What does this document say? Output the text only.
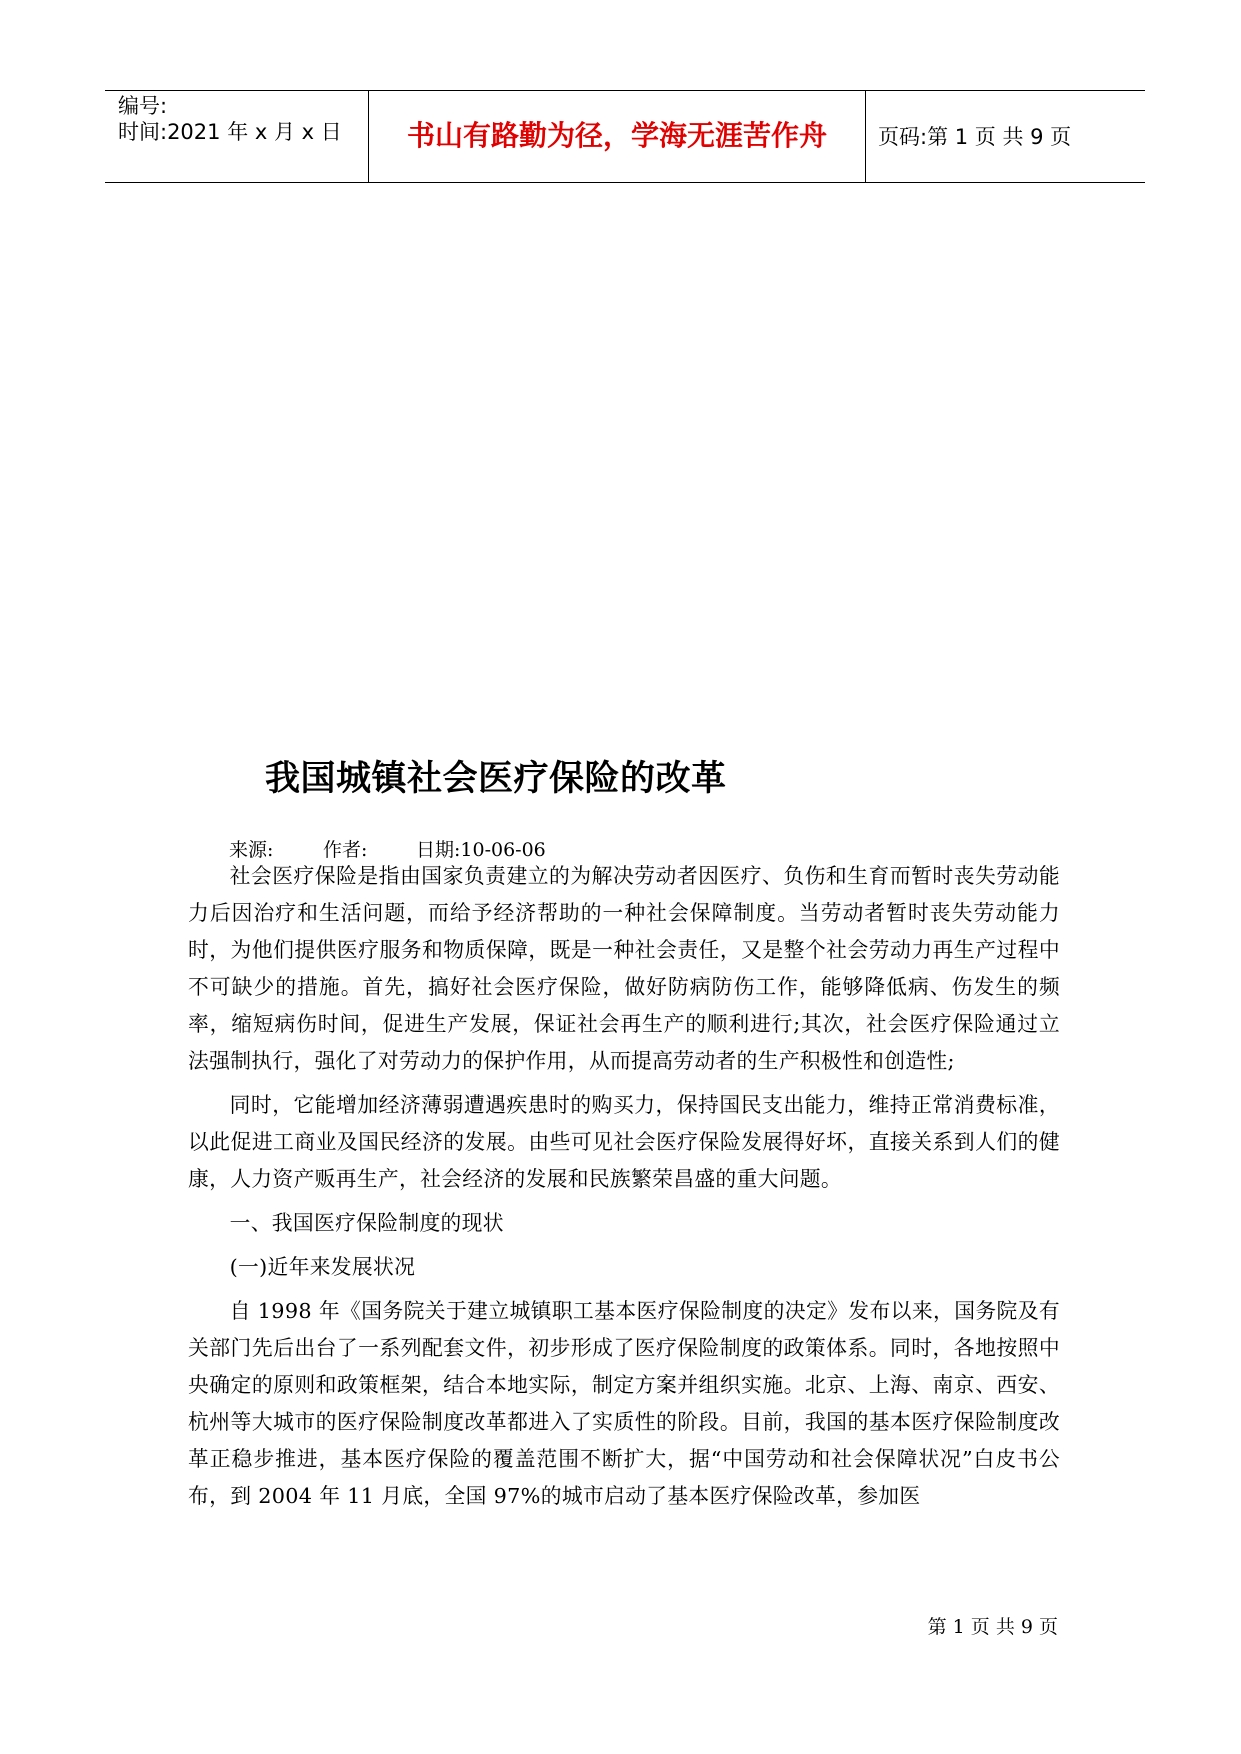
编号:
时间:2021 年 x 月 x 日	书山有路勤为径，学海无涯苦作舟	页码:第 1 页 共 9 页
我国城镇社会医疗保险的改革
来源:	作者:	日期:10-06-06

社会医疗保险是指由国家负责建立的为解决劳动者因医疗、负伤和生育而暂时丧失劳动能力后因治疗和生活问题，而给予经济帮助的一种社会保障制度。当劳动者暂时丧失劳动能力时，为他们提供医疗服务和物质保障，既是一种社会责任，又是整个社会劳动力再生产过程中不可缺少的措施。首先，搞好社会医疗保险，做好防病防伤工作，能够降低病、伤发生的频率，缩短病伤时间，促进生产发展，保证社会再生产的顺利进行;其次，社会医疗保险通过立法强制执行，强化了对劳动力的保护作用，从而提高劳动者的生产积极性和创造性;

同时，它能增加经济薄弱遭遇疾患时的购买力，保持国民支出能力，维持正常消费标准，以此促进工商业及国民经济的发展。由些可见社会医疗保险发展得好坏，直接关系到人们的健康，人力资产贩再生产，社会经济的发展和民族繁荣昌盛的重大问题。

一、我国医疗保险制度的现状

(一)近年来发展状况

自 1998 年《国务院关于建立城镇职工基本医疗保险制度的决定》发布以来，国务院及有关部门先后出台了一系列配套文件，初步形成了医疗保险制度的政策体系。同时，各地按照中央确定的原则和政策框架，结合本地实际，制定方案并组织实施。北京、上海、南京、西安、杭州等大城市的医疗保险制度改革都进入了实质性的阶段。目前，我国的基本医疗保险制度改革正稳步推进，基本医疗保险的覆盖范围不断扩大，据“中国劳动和社会保障状况”白皮书公布，到 2004 年 11 月底，全国 97%的城市启动了基本医疗保险改革，参加医

第 1 页 共 9 页
